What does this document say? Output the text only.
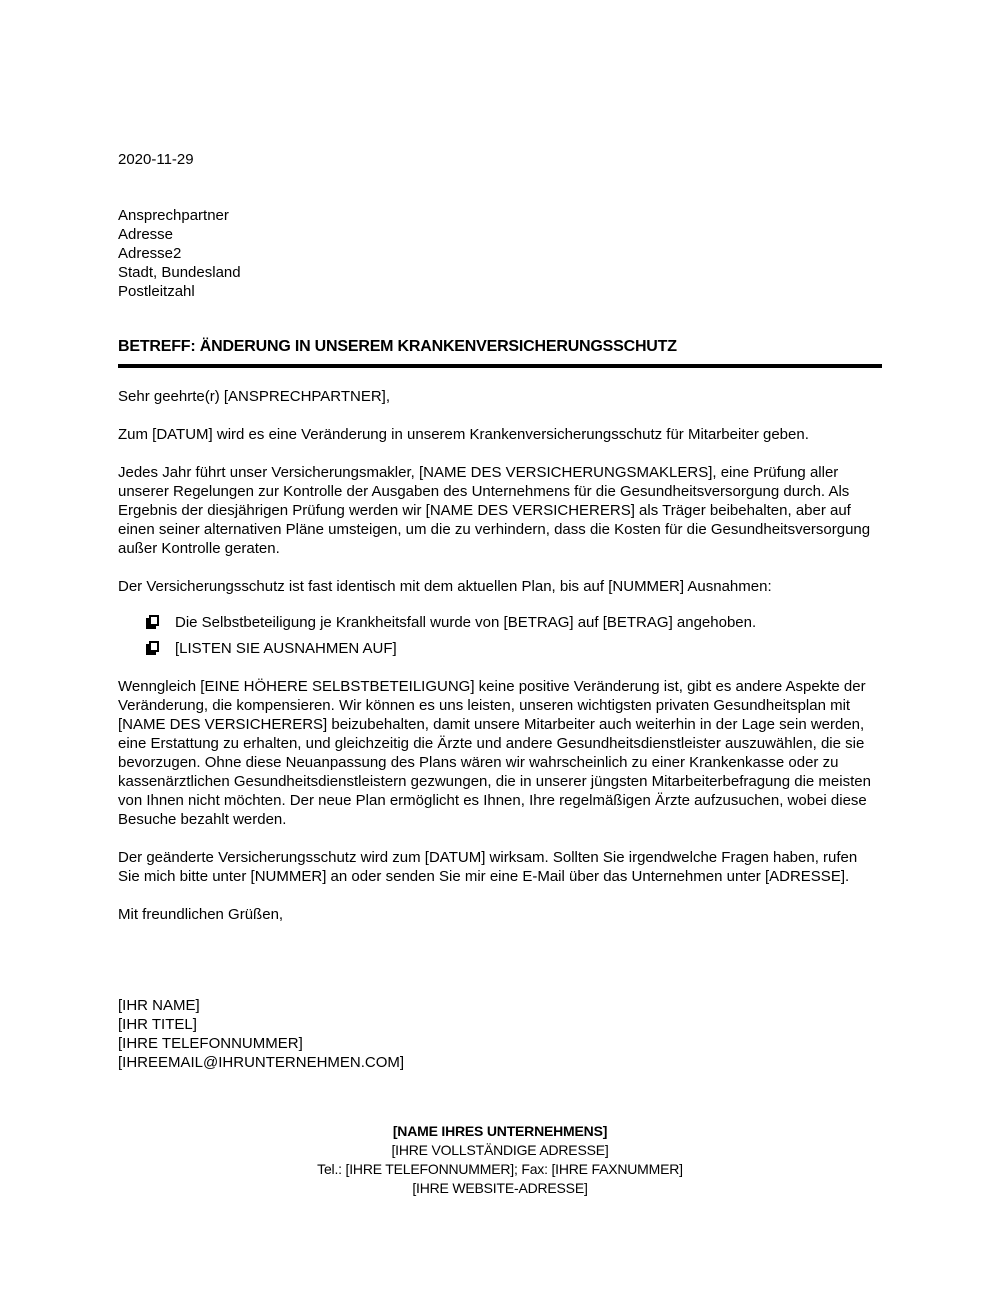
2020-11-29
Ansprechpartner
Adresse
Adresse2
Stadt, Bundesland
Postleitzahl
BETREFF: ÄNDERUNG IN UNSEREM KRANKENVERSICHERUNGSSCHUTZ

Sehr geehrte(r) [ANSPRECHPARTNER],

Zum [DATUM] wird es eine Veränderung in unserem Krankenversicherungsschutz für Mitarbeiter geben.

Jedes Jahr führt unser Versicherungsmakler, [NAME DES VERSICHERUNGSMAKLERS], eine Prüfung aller unserer Regelungen zur Kontrolle der Ausgaben des Unternehmens für die Gesundheitsversorgung durch. Als Ergebnis der diesjährigen Prüfung werden wir [NAME DES VERSICHERERS] als Träger beibehalten, aber auf einen seiner alternativen Pläne umsteigen, um die zu verhindern, dass die Kosten für die Gesundheitsversorgung außer Kontrolle geraten.

Der Versicherungsschutz ist fast identisch mit dem aktuellen Plan, bis auf [NUMMER] Ausnahmen:

Die Selbstbeteiligung je Krankheitsfall wurde von [BETRAG] auf [BETRAG] angehoben.
[LISTEN SIE AUSNAHMEN AUF]

Wenngleich [EINE HÖHERE SELBSTBETEILIGUNG] keine positive Veränderung ist, gibt es andere Aspekte der Veränderung, die kompensieren. Wir können es uns leisten, unseren wichtigsten privaten Gesundheitsplan mit [NAME DES VERSICHERERS] beizubehalten, damit unsere Mitarbeiter auch weiterhin in der Lage sein werden, eine Erstattung zu erhalten, und gleichzeitig die Ärzte und andere Gesundheitsdienstleister auszuwählen, die sie bevorzugen. Ohne diese Neuanpassung des Plans wären wir wahrscheinlich zu einer Krankenkasse oder zu kassenärztlichen Gesundheitsdienstleistern gezwungen, die in unserer jüngsten Mitarbeiterbefragung die meisten von Ihnen nicht möchten. Der neue Plan ermöglicht es Ihnen, Ihre regelmäßigen Ärzte aufzusuchen, wobei diese Besuche bezahlt werden.

Der geänderte Versicherungsschutz wird zum [DATUM] wirksam. Sollten Sie irgendwelche Fragen haben, rufen Sie mich bitte unter [NUMMER] an oder senden Sie mir eine E-Mail über das Unternehmen unter [ADRESSE].

Mit freundlichen Grüßen,

[IHR NAME]
[IHR TITEL]
[IHRE TELEFONNUMMER]
[IHREEMAIL@IHRUNTERNEHMEN.COM]
[NAME IHRES UNTERNEHMENS]
[IHRE VOLLSTÄNDIGE ADRESSE]
Tel.: [IHRE TELEFONNUMMER]; Fax: [IHRE FAXNUMMER]
[IHRE WEBSITE-ADRESSE]
